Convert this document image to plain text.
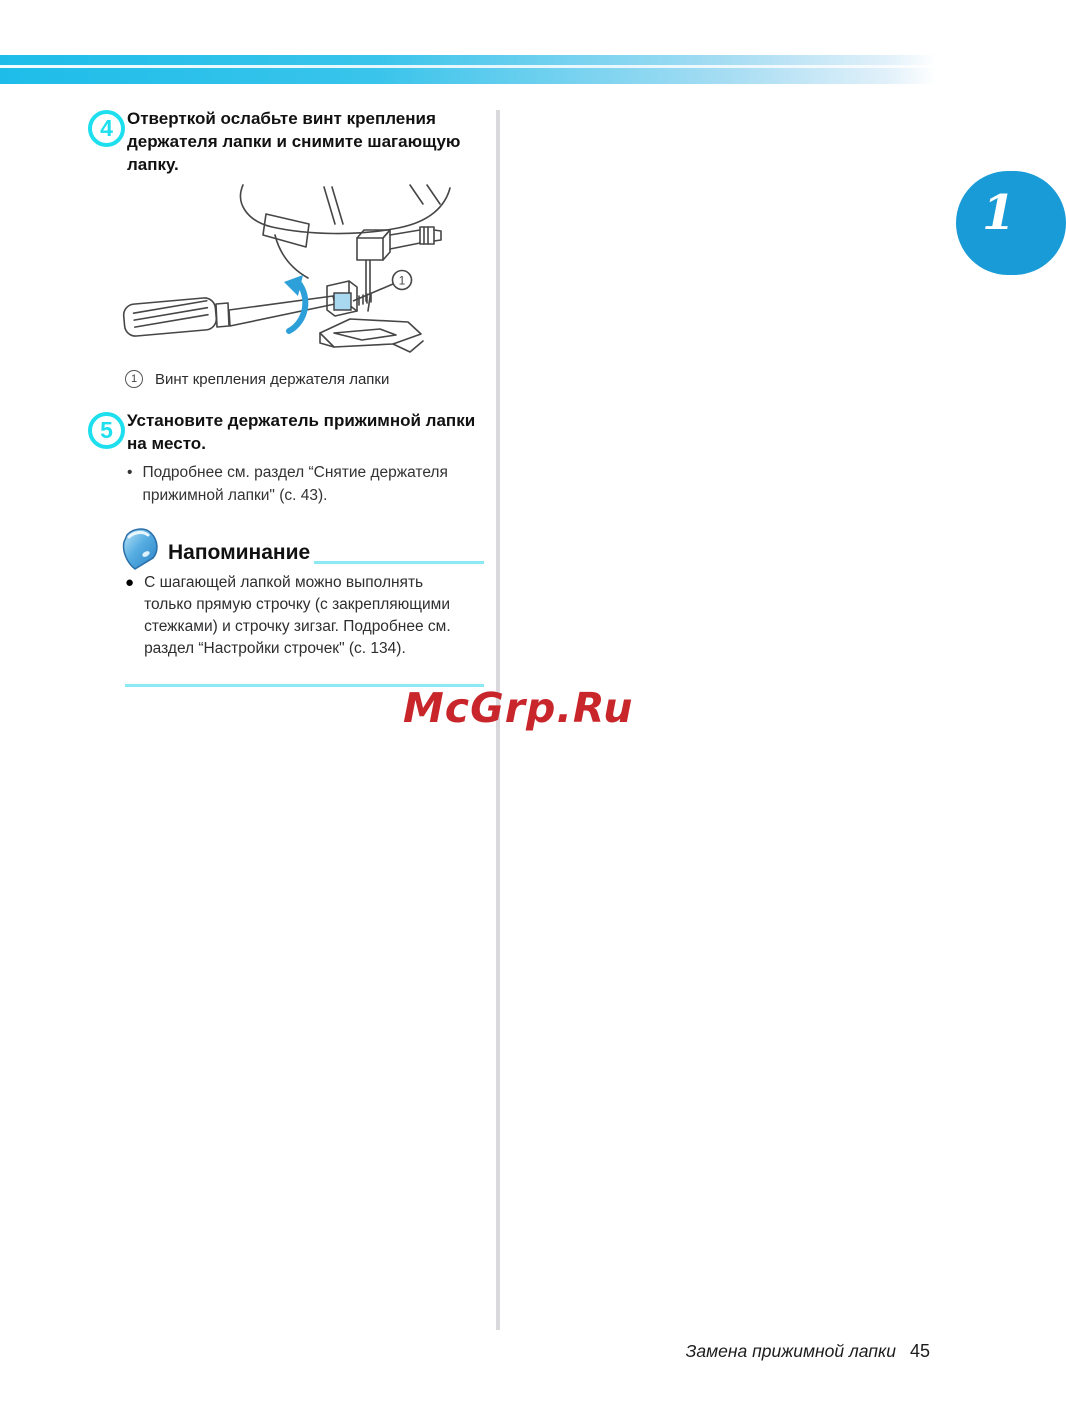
1
4 Отверткой ослабьте винт крепления держателя лапки и снимите шагающую лапку.
1
1	Винт крепления держателя лапки
5 Установите держатель прижимной лапки на место.
• Подробнее см. раздел “Снятие держателя прижимной лапки" (с. 43).
Напоминание
● С шагающей лапкой можно выполнять только прямую строчку (с закрепляющими стежками) и строчку зигзаг. Подробнее см. раздел “Настройки строчек" (с. 134).
McGrp.Ru
Замена прижимной лапки 45
